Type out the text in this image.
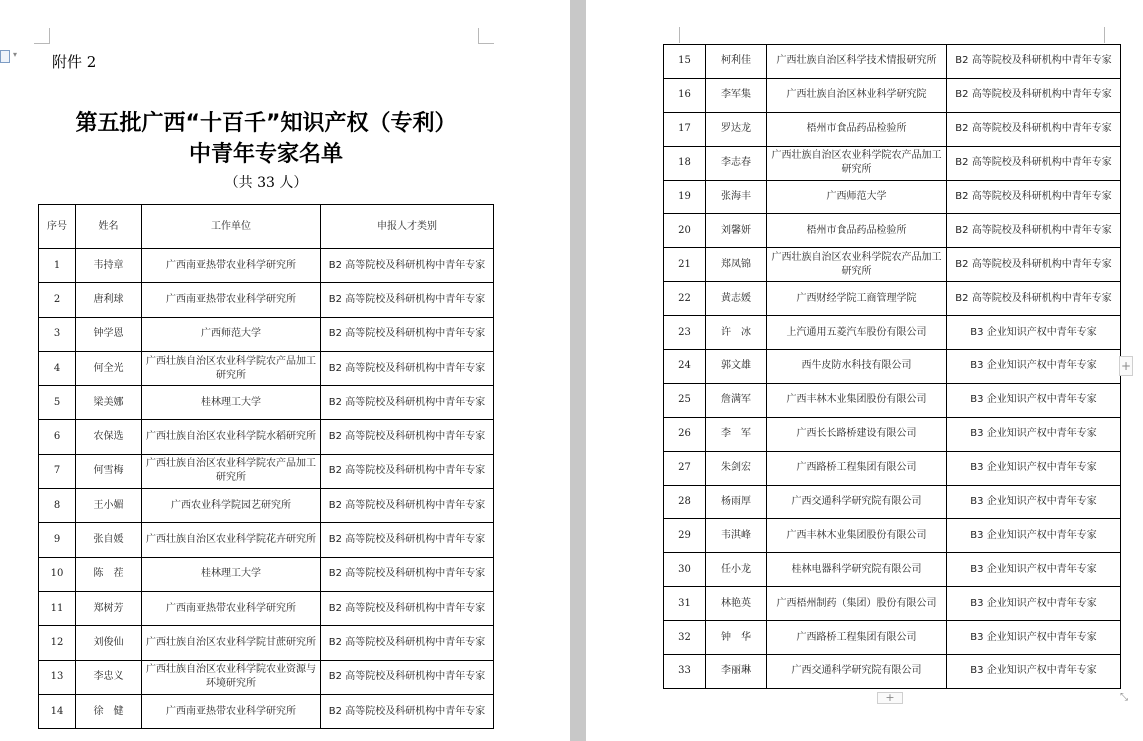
▾	附件 2
第五批广西“十百千”知识产权（专利）
中青年专家名单
（共 33 人）
序号	姓名	工作单位	申报人才类别
1	韦持章	广西南亚热带农业科学研究所	B2 高等院校及科研机构中青年专家
2	唐利球	广西南亚热带农业科学研究所	B2 高等院校及科研机构中青年专家
3	钟学恩	广西师范大学	B2 高等院校及科研机构中青年专家
4	何全光	广西壮族自治区农业科学院农产品加工研究所	B2 高等院校及科研机构中青年专家
5	梁美娜	桂林理工大学	B2 高等院校及科研机构中青年专家
6	农保选	广西壮族自治区农业科学院水稻研究所	B2 高等院校及科研机构中青年专家
7	何雪梅	广西壮族自治区农业科学院农产品加工研究所	B2 高等院校及科研机构中青年专家
8	王小媚	广西农业科学院园艺研究所	B2 高等院校及科研机构中青年专家
9	张自媛	广西壮族自治区农业科学院花卉研究所	B2 高等院校及科研机构中青年专家
10	陈　茬	桂林理工大学	B2 高等院校及科研机构中青年专家
11	郑树芳	广西南亚热带农业科学研究所	B2 高等院校及科研机构中青年专家
12	刘俊仙	广西壮族自治区农业科学院甘蔗研究所	B2 高等院校及科研机构中青年专家
13	李忠义	广西壮族自治区农业科学院农业资源与环境研究所	B2 高等院校及科研机构中青年专家
14	徐　健	广西南亚热带农业科学研究所	B2 高等院校及科研机构中青年专家
15	柯利佳	广西壮族自治区科学技术情报研究所	B2 高等院校及科研机构中青年专家
16	李军集	广西壮族自治区林业科学研究院	B2 高等院校及科研机构中青年专家
17	罗达龙	梧州市食品药品检验所	B2 高等院校及科研机构中青年专家
18	李志春	广西壮族自治区农业科学院农产品加工研究所	B2 高等院校及科研机构中青年专家
19	张海丰	广西师范大学	B2 高等院校及科研机构中青年专家
20	刘馨妍	梧州市食品药品检验所	B2 高等院校及科研机构中青年专家
21	郑凤锦	广西壮族自治区农业科学院农产品加工研究所	B2 高等院校及科研机构中青年专家
22	黄志媛	广西财经学院工商管理学院	B2 高等院校及科研机构中青年专家
23	许　冰	上汽通用五菱汽车股份有限公司	B3 企业知识产权中青年专家
24	郭文雄	西牛皮防水科技有限公司	B3 企业知识产权中青年专家
25	詹满军	广西丰林木业集团股份有限公司	B3 企业知识产权中青年专家
26	李　军	广西长长路桥建设有限公司	B3 企业知识产权中青年专家
27	朱剑宏	广西路桥工程集团有限公司	B3 企业知识产权中青年专家
28	杨雨厚	广西交通科学研究院有限公司	B3 企业知识产权中青年专家
29	韦淇峰	广西丰林木业集团股份有限公司	B3 企业知识产权中青年专家
30	任小龙	桂林电器科学研究院有限公司	B3 企业知识产权中青年专家
31	林艳英	广西梧州制药（集团）股份有限公司	B3 企业知识产权中青年专家
32	钟　华	广西路桥工程集团有限公司	B3 企业知识产权中青年专家
33	李丽琳	广西交通科学研究院有限公司	B3 企业知识产权中青年专家
+
+	⤡
